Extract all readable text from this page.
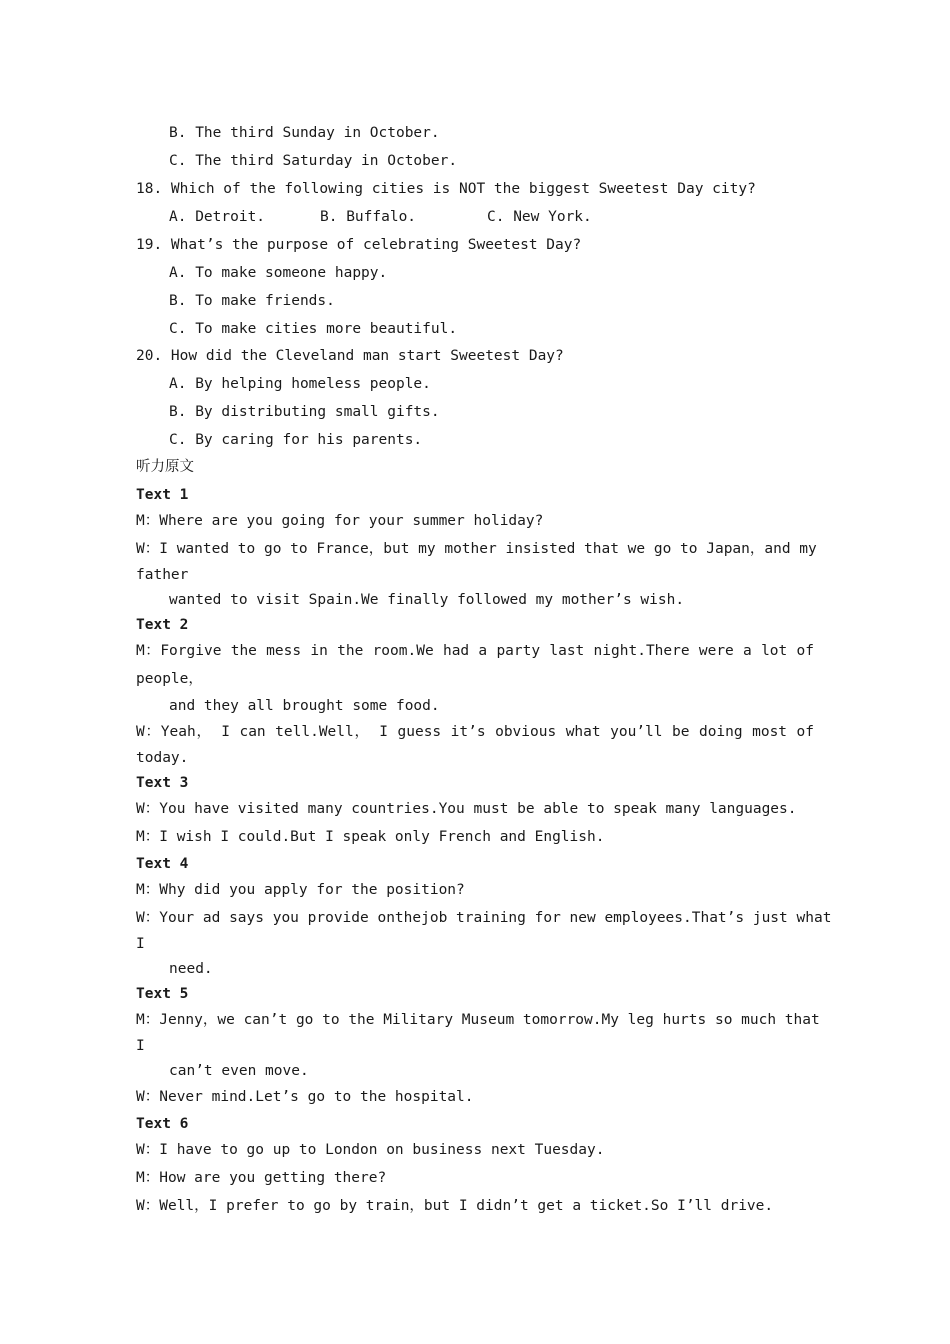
B. The third Sunday in October.
C. The third Saturday in October.
18. Which of the following cities is NOT the biggest Sweetest Day city?
A. Detroit.	B. Buffalo.	C. New York.
19. What’s the purpose of celebrating Sweetest Day?
A. To make someone happy.
B. To make friends.
C. To make cities more beautiful.
20. How did the Cleveland man start Sweetest Day?
A. By helping homeless people.
B. By distributing small gifts.
C. By caring for his parents.
听力原文
Text 1
M：Where are you going for your summer holiday?
W：I wanted to go to France，but my mother insisted that we go to Japan，and my
father
wanted to visit Spain.We finally followed my mother’s wish.
Text 2
M：Forgive the mess in the room.We had a party last night.There were a lot of
people，
and they all brought some food.
W：Yeah， I can tell.Well， I guess it’s obvious what you’ll be doing most of
today.
Text 3
W：You have visited many countries.You must be able to speak many languages.
M：I wish I could.But I speak only French and English.
Text 4
M：Why did you apply for the position?
W：Your ad says you provide onthejob training for new employees.That’s just what
I
need.
Text 5
M：Jenny，we can’t go to the Military Museum tomorrow.My leg hurts so much that
I
can’t even move.
W：Never mind.Let’s go to the hospital.
Text 6
W：I have to go up to London on business next Tuesday.
M：How are you getting there?
W：Well，I prefer to go by train，but I didn’t get a ticket.So I’ll drive.
